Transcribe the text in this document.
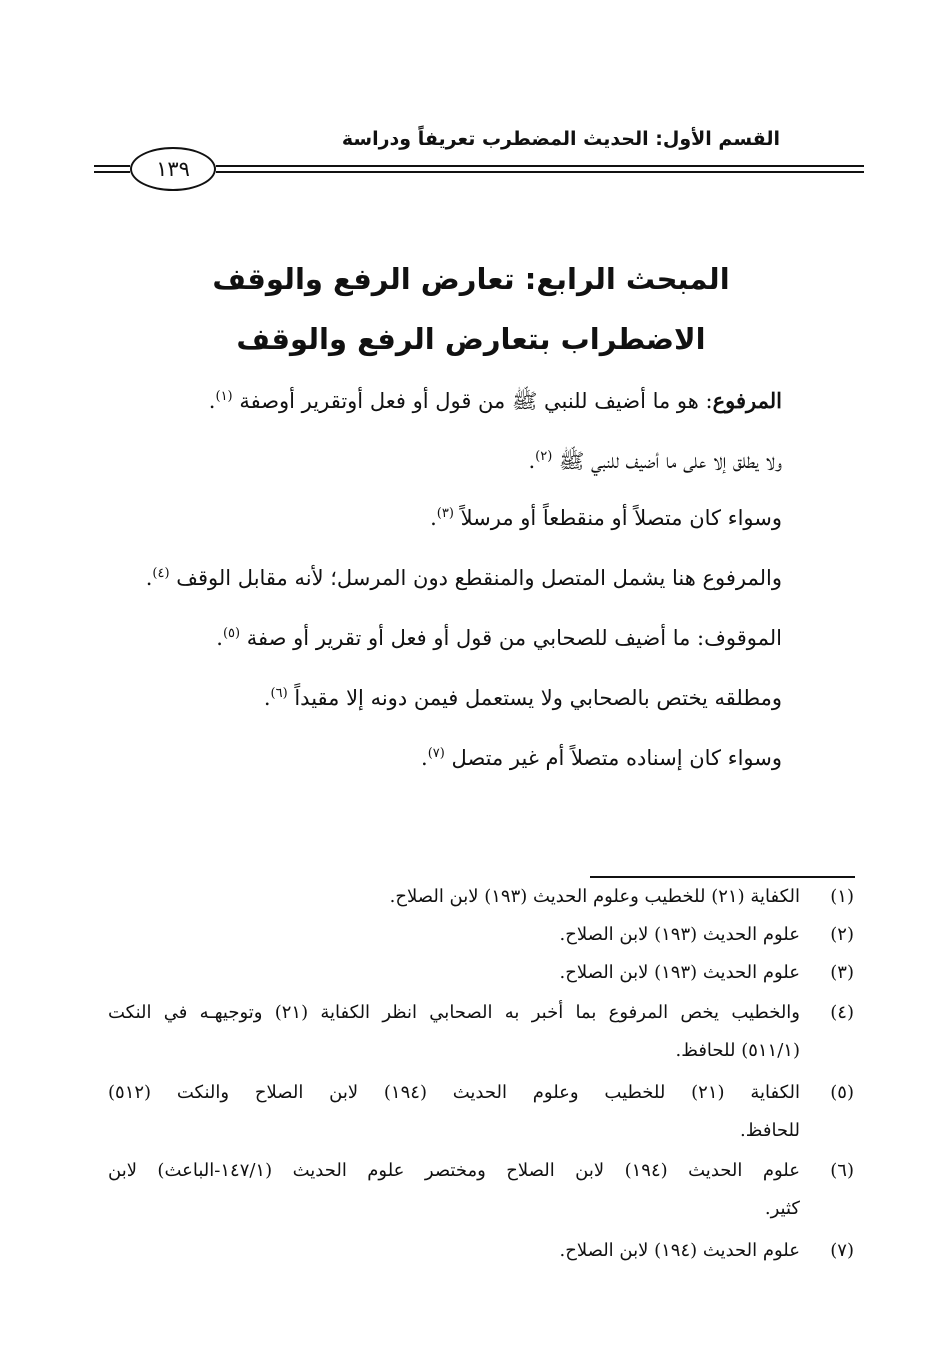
القسم الأول: الحديث المضطرب تعريفاً ودراسة
١٣٩
المبحث الرابع: تعارض الرفع والوقف
الاضطراب بتعارض الرفع والوقف
المرفوع: هو ما أضيف للنبي ﷺ من قول أو فعل أوتقرير أوصفة $^{(١)}$.
ولا يطلق إلا على ما أضيف للنبي ﷺ $^{(٢)}$.
وسواء كان متصلاً أو منقطعاً أو مرسلاً $^{(٣)}$.
والمرفوع هنا يشمل المتصل والمنقطع دون المرسل؛ لأنه مقابل الوقف $^{(٤)}$.
الموقوف: ما أضيف للصحابي من قول أو فعل أو تقرير أو صفة $^{(٥)}$.
ومطلقه يختص بالصحابي ولا يستعمل فيمن دونه إلا مقيداً $^{(٦)}$.
وسواء كان إسناده متصلاً أم غير متصل $^{(٧)}$.
(١)
الكفاية (٢١) للخطيب وعلوم الحديث (١٩٣) لابن الصلاح.
(٢)
علوم الحديث (١٩٣) لابن الصلاح.
(٣)
علوم الحديث (١٩٣) لابن الصلاح.
(٤)
والخطيب يخص المرفوع بما أخبر به الصحابي انظر الكفاية (٢١) وتوجيهـه في النكت
(٥١١/١) للحافظ.
(٥)
الكفاية (٢١) للخطيب وعلوم الحديث (١٩٤) لابن الصلاح والنكت (٥١٢)
للحافظ.
(٦)
علوم الحديث (١٩٤) لابن الصلاح ومختصر علوم الحديث (١٤٧/١-الباعث) لابن
كثير.
(٧)
علوم الحديث (١٩٤) لابن الصلاح.
